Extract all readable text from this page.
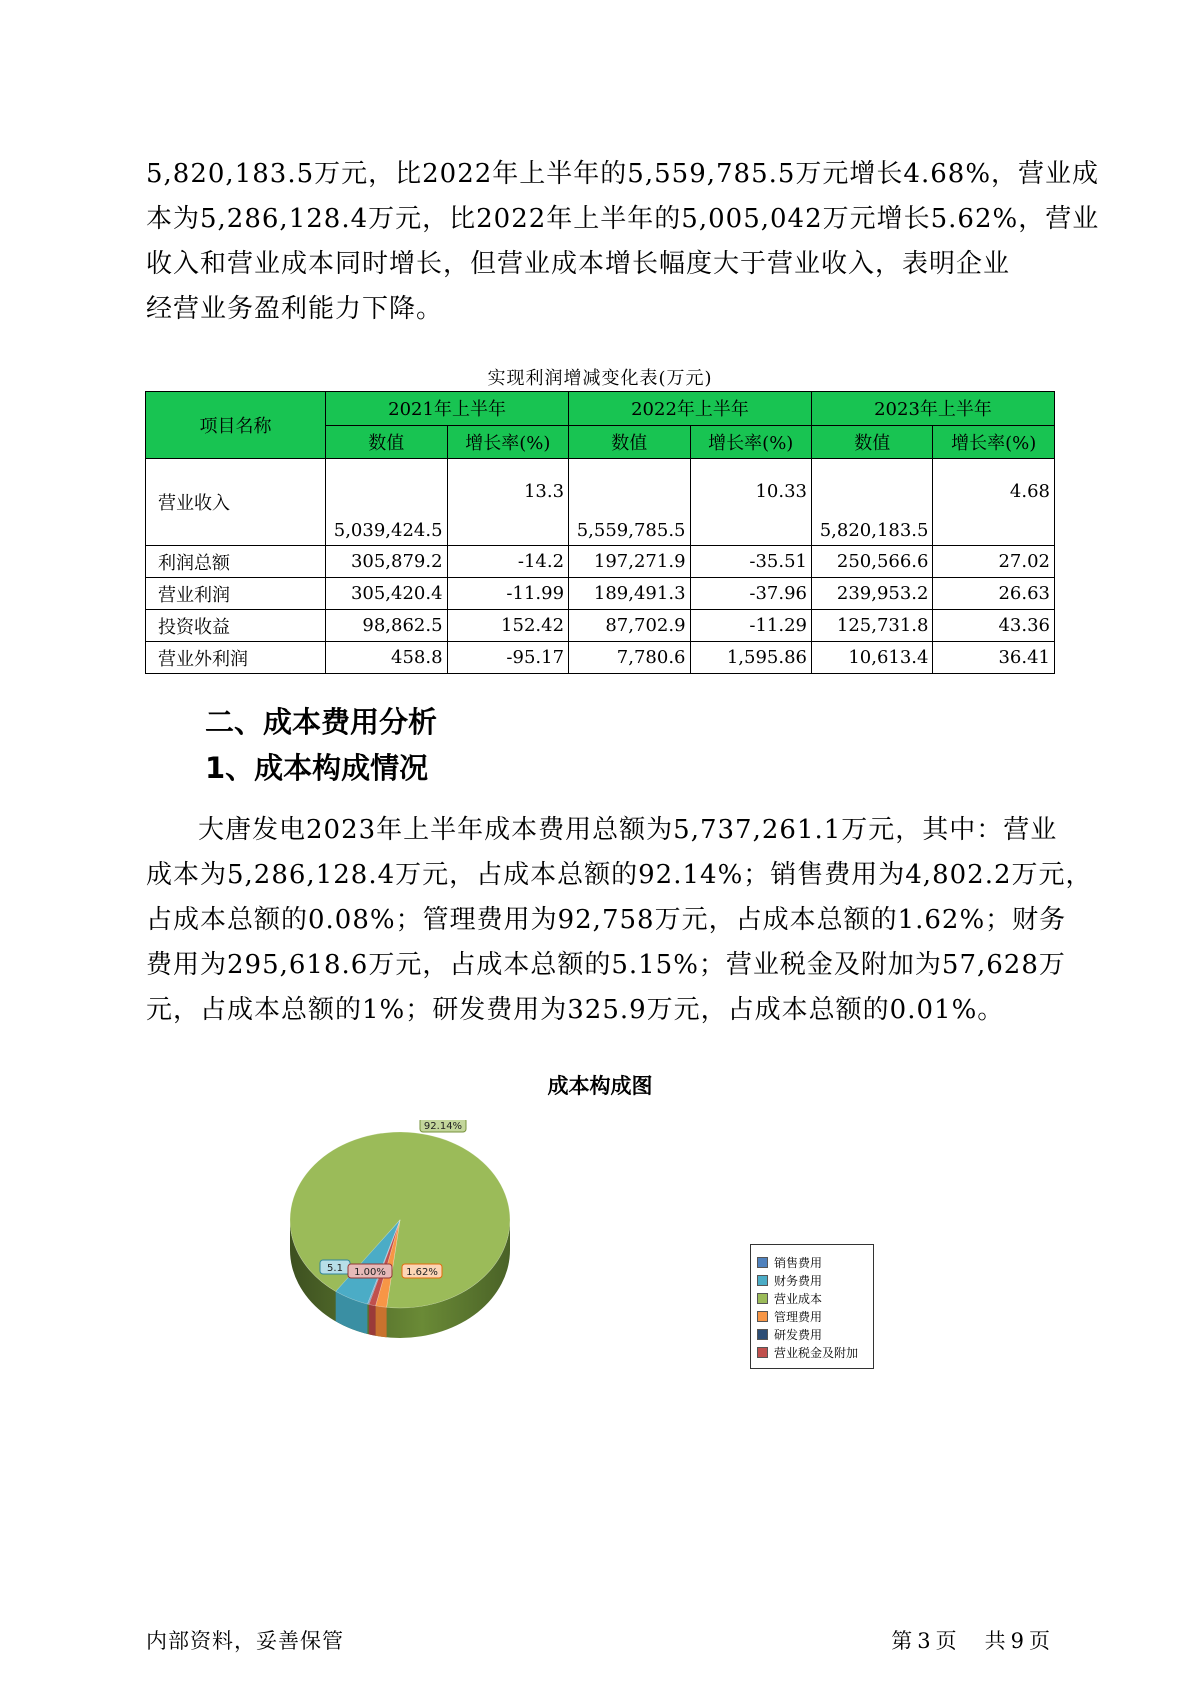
5,820,183.5万元，比2022年上半年的5,559,785.5万元增长4.68%，营业成
本为5,286,128.4万元，比2022年上半年的5,005,042万元增长5.62%，营业
收入和营业成本同时增长，但营业成本增长幅度大于营业收入，表明企业
经营业务盈利能力下降。
实现利润增减变化表(万元)
项目名称	2021年上半年		2022年上半年		2023年上半年	
	数值	增长率(%)	数值	增长率(%)	数值	增长率(%)
营业收入	5,039,424.5	13.3	5,559,785.5	10.33	5,820,183.5	4.68
利润总额	305,879.2	-14.2	197,271.9	-35.51	250,566.6	27.02
营业利润	305,420.4	-11.99	189,491.3	-37.96	239,953.2	26.63
投资收益	98,862.5	152.42	87,702.9	-11.29	125,731.8	43.36
营业外利润	458.8	-95.17	7,780.6	1,595.86	10,613.4	36.41
二、成本费用分析
1、成本构成情况
大唐发电2023年上半年成本费用总额为5,737,261.1万元，其中：营业
成本为5,286,128.4万元，占成本总额的92.14%；销售费用为4,802.2万元，
占成本总额的0.08%；管理费用为92,758万元，占成本总额的1.62%；财务
费用为295,618.6万元，占成本总额的5.15%；营业税金及附加为57,628万
元，占成本总额的1%；研发费用为325.9万元，占成本总额的0.01%。
成本构成图
92.14%
5.1 1.00% 1.62%
销售费用
财务费用
营业成本
管理费用
研发费用
营业税金及附加
内部资料，妥善保管	第 3 页 共 9 页
